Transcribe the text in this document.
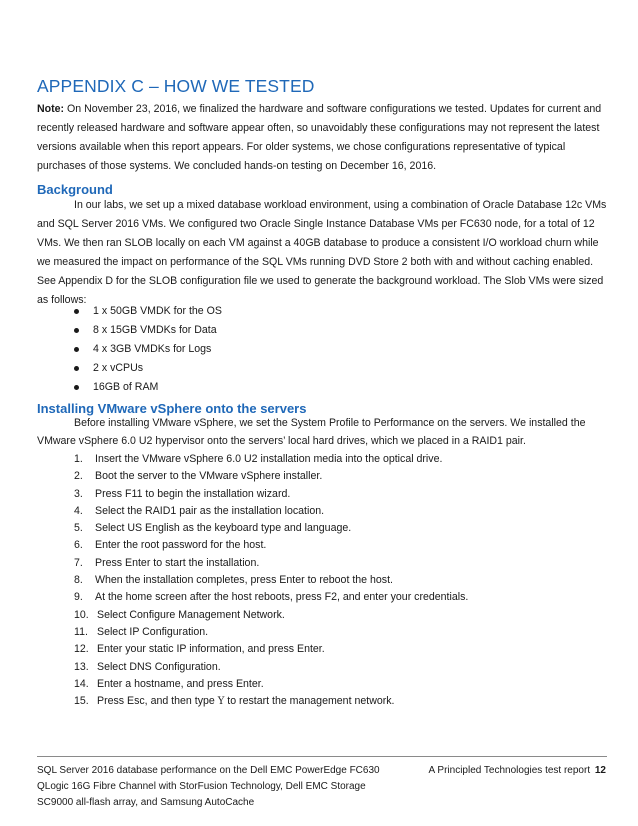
APPENDIX C – HOW WE TESTED

Note: On November 23, 2016, we finalized the hardware and software configurations we tested. Updates for current and recently released hardware and software appear often, so unavoidably these configurations may not represent the latest versions available when this report appears. For older systems, we chose configurations representative of typical purchases of those systems. We concluded hands-on testing on December 16, 2016.

Background

In our labs, we set up a mixed database workload environment, using a combination of Oracle Database 12c VMs and SQL Server 2016 VMs. We configured two Oracle Single Instance Database VMs per FC630 node, for a total of 12 VMs. We then ran SLOB locally on each VM against a 40GB database to produce a consistent I/O workload churn while we measured the impact on performance of the SQL VMs running DVD Store 2 both with and without caching enabled. See Appendix D for the SLOB configuration file we used to generate the background workload. The Slob VMs were sized as follows:

1 x 50GB VMDK for the OS
8 x 15GB VMDKs for Data
4 x 3GB VMDKs for Logs
2 x vCPUs
16GB of RAM
Installing VMware vSphere onto the servers

Before installing VMware vSphere, we set the System Profile to Performance on the servers. We installed the VMware vSphere 6.0 U2 hypervisor onto the servers’ local hard drives, which we placed in a RAID1 pair.

1. Insert the VMware vSphere 6.0 U2 installation media into the optical drive.
2. Boot the server to the VMware vSphere installer.
3. Press F11 to begin the installation wizard.
4. Select the RAID1 pair as the installation location.
5. Select US English as the keyboard type and language.
6. Enter the root password for the host.
7. Press Enter to start the installation.
8. When the installation completes, press Enter to reboot the host.
9. At the home screen after the host reboots, press F2, and enter your credentials.
10. Select Configure Management Network.
11. Select IP Configuration.
12. Enter your static IP information, and press Enter.
13. Select DNS Configuration.
14. Enter a hostname, and press Enter.
15. Press Esc, and then type Y to restart the management network.

SQL Server 2016 database performance on the Dell EMC PowerEdge FC630 QLogic 16G Fibre Channel with StorFusion Technology, Dell EMC Storage SC9000 all-flash array, and Samsung AutoCache

A Principled Technologies test report 12
